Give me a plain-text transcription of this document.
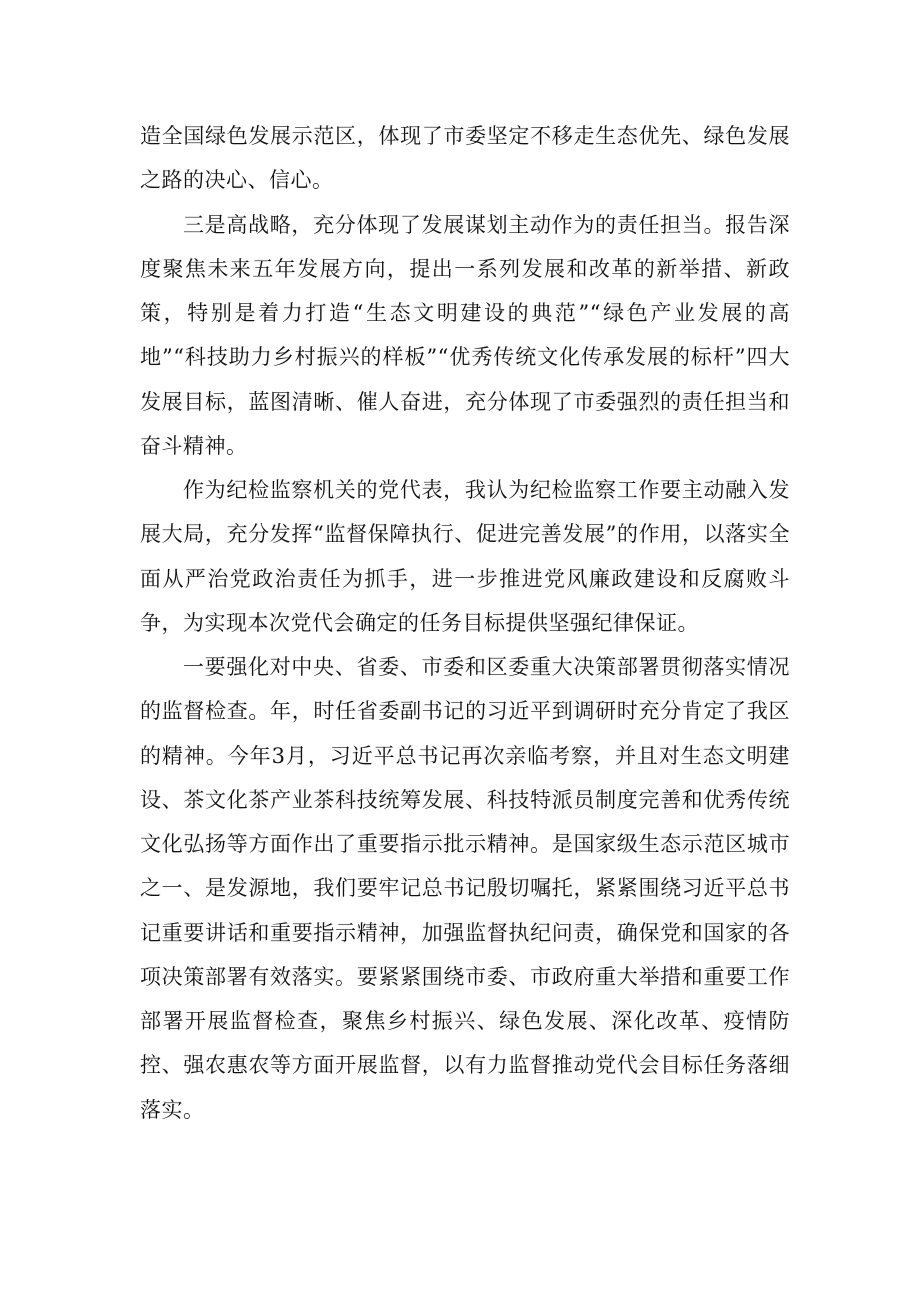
造全国绿色发展示范区，体现了市委坚定不移走生态优先、绿色发展之路的决心、信心。

三是高战略，充分体现了发展谋划主动作为的责任担当。报告深度聚焦未来五年发展方向，提出一系列发展和改革的新举措、新政策，特别是着力打造“生态文明建设的典范”“绿色产业发展的高地”“科技助力乡村振兴的样板”“优秀传统文化传承发展的标杆”四大发展目标，蓝图清晰、催人奋进，充分体现了市委强烈的责任担当和奋斗精神。

作为纪检监察机关的党代表，我认为纪检监察工作要主动融入发展大局，充分发挥“监督保障执行、促进完善发展”的作用，以落实全面从严治党政治责任为抓手，进一步推进党风廉政建设和反腐败斗争，为实现本次党代会确定的任务目标提供坚强纪律保证。

一要强化对中央、省委、市委和区委重大决策部署贯彻落实情况的监督检查。年，时任省委副书记的习近平到调研时充分肯定了我区的精神。今年3月，习近平总书记再次亲临考察，并且对生态文明建设、茶文化茶产业茶科技统筹发展、科技特派员制度完善和优秀传统文化弘扬等方面作出了重要指示批示精神。是国家级生态示范区城市之一、是发源地，我们要牢记总书记殷切嘱托，紧紧围绕习近平总书记重要讲话和重要指示精神，加强监督执纪问责，确保党和国家的各项决策部署有效落实。要紧紧围绕市委、市政府重大举措和重要工作部署开展监督检查，聚焦乡村振兴、绿色发展、深化改革、疫情防控、强农惠农等方面开展监督，以有力监督推动党代会目标任务落细落实。
